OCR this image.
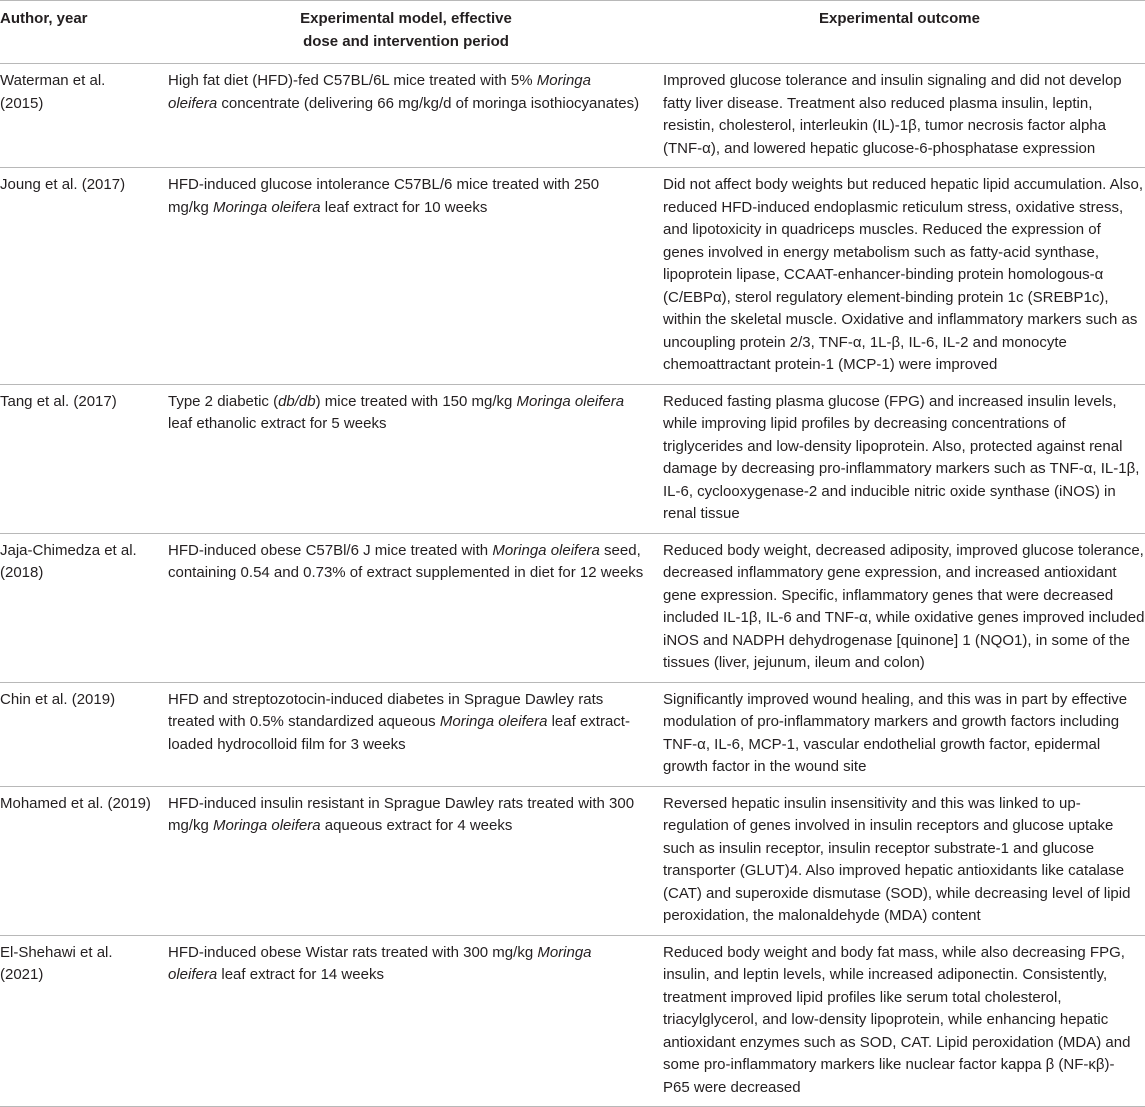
Author, year	Experimental model, effective dose and intervention period	Experimental outcome
Waterman et al. (2015)	High fat diet (HFD)-fed C57BL/6L mice treated with 5% Moringa oleifera concentrate (delivering 66 mg/kg/d of moringa isothiocyanates)	Improved glucose tolerance and insulin signaling and did not develop fatty liver disease. Treatment also reduced plasma insulin, leptin, resistin, cholesterol, interleukin (IL)-1β, tumor necrosis factor alpha (TNF-α), and lowered hepatic glucose-6-phosphatase expression
Joung et al. (2017)	HFD-induced glucose intolerance C57BL/6 mice treated with 250 mg/kg Moringa oleifera leaf extract for 10 weeks	Did not affect body weights but reduced hepatic lipid accumulation. Also, reduced HFD-induced endoplasmic reticulum stress, oxidative stress, and lipotoxicity in quadriceps muscles. Reduced the expression of genes involved in energy metabolism such as fatty-acid synthase, lipoprotein lipase, CCAAT-enhancer-binding protein homologous-α (C/EBPα), sterol regulatory element-binding protein 1c (SREBP1c), within the skeletal muscle. Oxidative and inflammatory markers such as uncoupling protein 2/3, TNF-α, 1L-β, IL-6, IL-2 and monocyte chemoattractant protein-1 (MCP-1) were improved
Tang et al. (2017)	Type 2 diabetic (db/db) mice treated with 150 mg/kg Moringa oleifera leaf ethanolic extract for 5 weeks	Reduced fasting plasma glucose (FPG) and increased insulin levels, while improving lipid profiles by decreasing concentrations of triglycerides and low-density lipoprotein. Also, protected against renal damage by decreasing pro-inflammatory markers such as TNF-α, IL-1β, IL-6, cyclooxygenase-2 and inducible nitric oxide synthase (iNOS) in renal tissue
Jaja-Chimedza et al. (2018)	HFD-induced obese C57Bl/6 J mice treated with Moringa oleifera seed, containing 0.54 and 0.73% of extract supplemented in diet for 12 weeks	Reduced body weight, decreased adiposity, improved glucose tolerance, decreased inflammatory gene expression, and increased antioxidant gene expression. Specific, inflammatory genes that were decreased included IL-1β, IL-6 and TNF-α, while oxidative genes improved included iNOS and NADPH dehydrogenase [quinone] 1 (NQO1), in some of the tissues (liver, jejunum, ileum and colon)
Chin et al. (2019)	HFD and streptozotocin-induced diabetes in Sprague Dawley rats treated with 0.5% standardized aqueous Moringa oleifera leaf extract-loaded hydrocolloid film for 3 weeks	Significantly improved wound healing, and this was in part by effective modulation of pro-inflammatory markers and growth factors including TNF-α, IL-6, MCP-1, vascular endothelial growth factor, epidermal growth factor in the wound site
Mohamed et al. (2019)	HFD-induced insulin resistant in Sprague Dawley rats treated with 300 mg/kg Moringa oleifera aqueous extract for 4 weeks	Reversed hepatic insulin insensitivity and this was linked to up-regulation of genes involved in insulin receptors and glucose uptake such as insulin receptor, insulin receptor substrate-1 and glucose transporter (GLUT)4. Also improved hepatic antioxidants like catalase (CAT) and superoxide dismutase (SOD), while decreasing level of lipid peroxidation, the malonaldehyde (MDA) content
El-Shehawi et al. (2021)	HFD-induced obese Wistar rats treated with 300 mg/kg Moringa oleifera leaf extract for 14 weeks	Reduced body weight and body fat mass, while also decreasing FPG, insulin, and leptin levels, while increased adiponectin. Consistently, treatment improved lipid profiles like serum total cholesterol, triacylglycerol, and low-density lipoprotein, while enhancing hepatic antioxidant enzymes such as SOD, CAT. Lipid peroxidation (MDA) and some pro-inflammatory markers like nuclear factor kappa β (NF-κβ)- P65 were decreased
